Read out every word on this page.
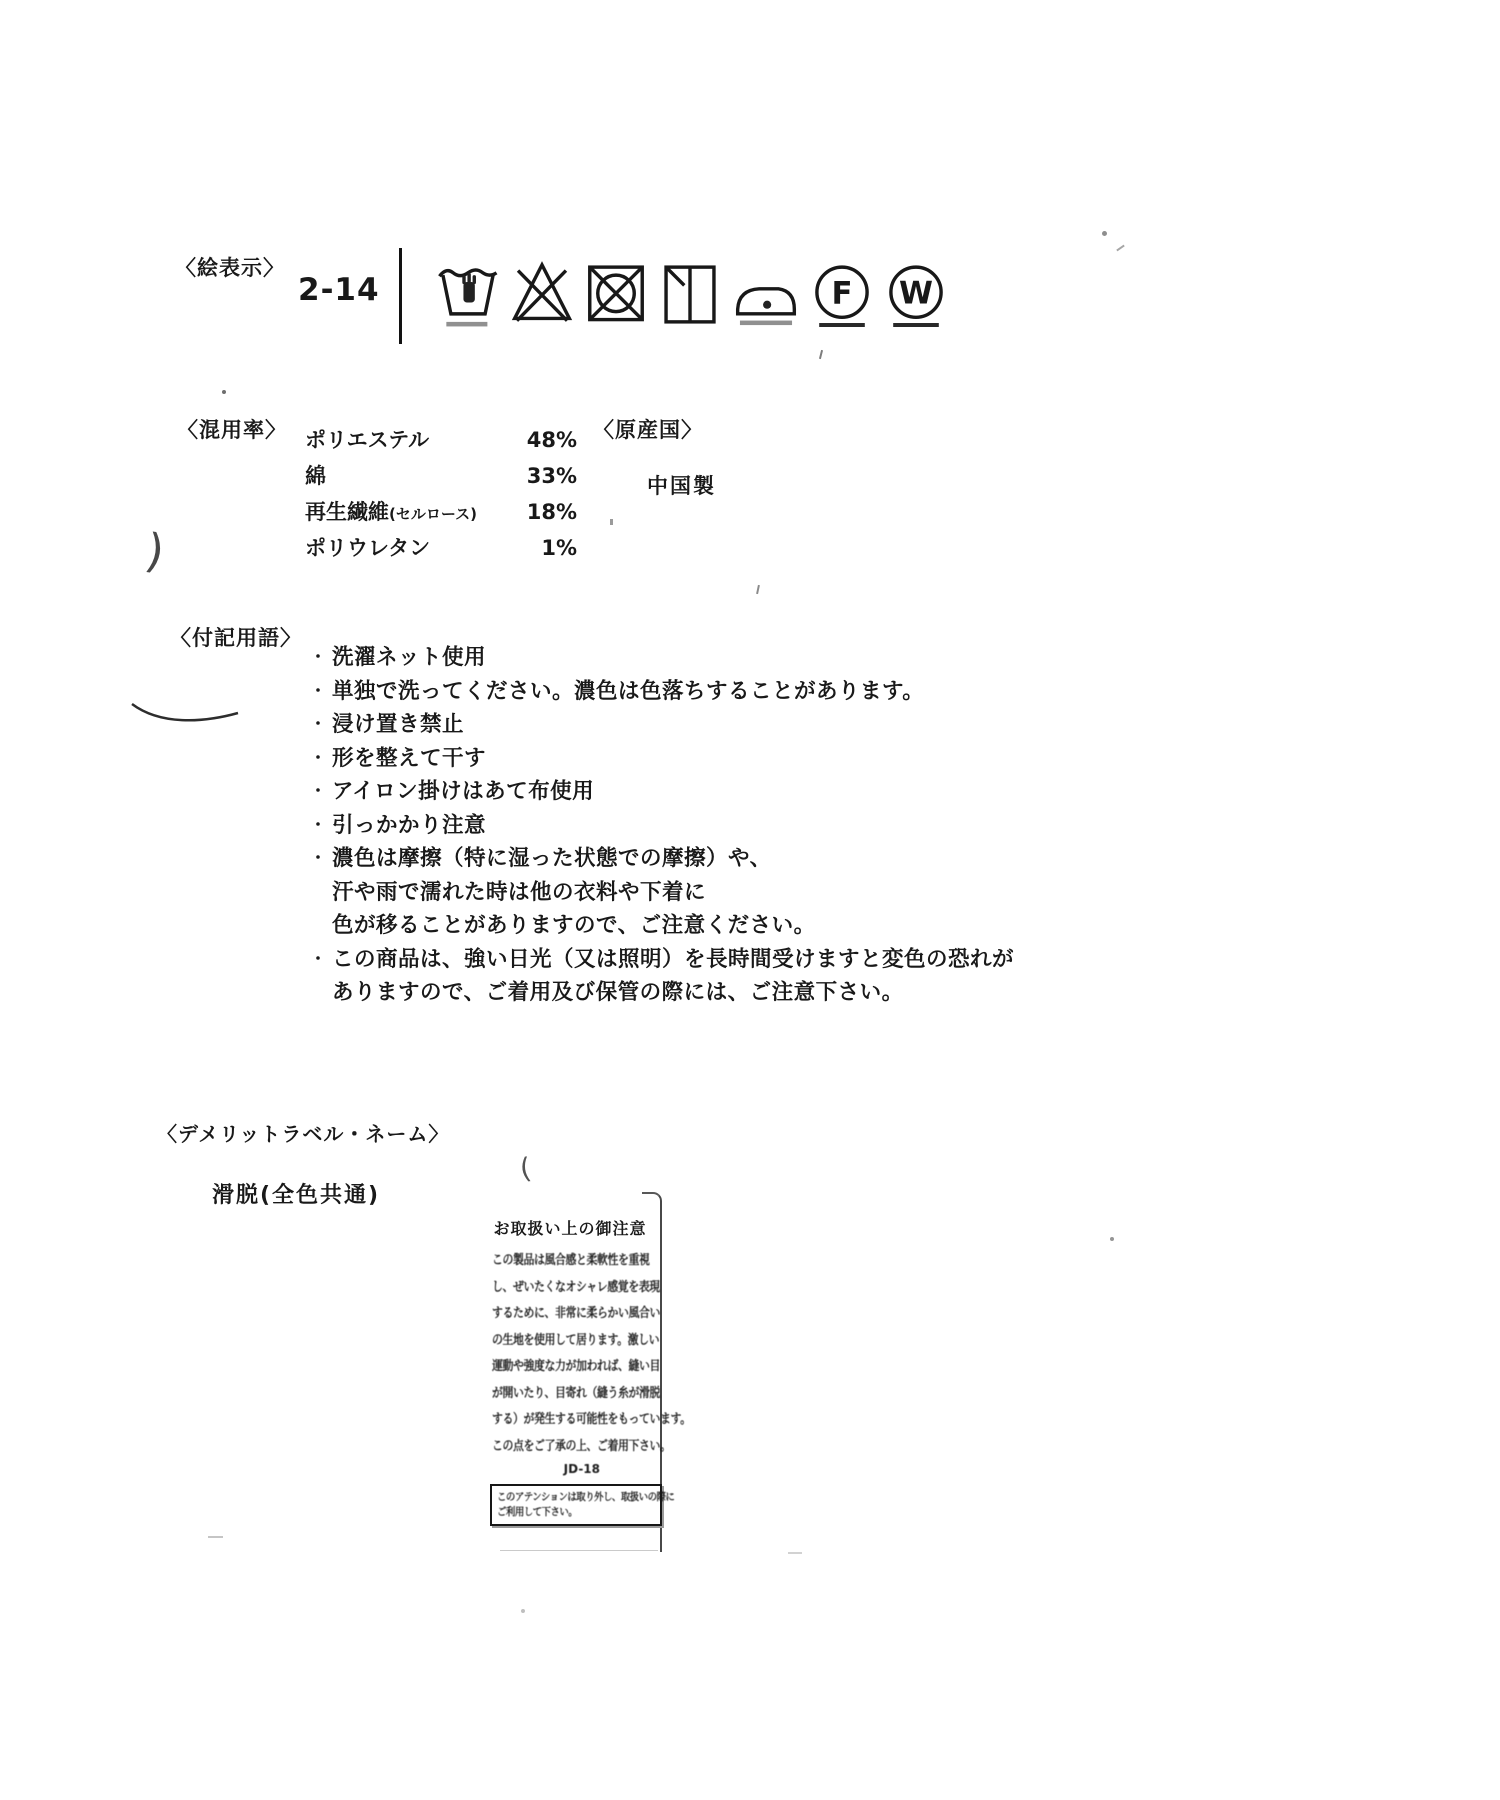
〈絵表示〉
2-14	F W
〈混用率〉 ポリエステル	48%
綿	33%
再生繊維 (セルロース) 18%
ポリウレタン	1%
〈原産国〉
中国製
)
〈付記用語〉
・ 洗濯ネット使用
・ 単独で洗ってください。濃色は色落ちすることがあります。
・ 浸け置き禁止
・ 形を整えて干す
・ アイロン掛けはあて布使用
・ 引っかかり注意
・ 濃色は摩擦（特に湿った状態での摩擦）や、
汗や雨で濡れた時は他の衣料や下着に
色が移ることがありますので、ご注意ください。
・ この商品は、強い日光（又は照明）を長時間受けますと変色の恐れが
ありますので、ご着用及び保管の際には、ご注意下さい。
〈デメリットラベル・ネーム〉
滑脱(全色共通)
(
お取扱い上の御注意
この製品は風合感と柔軟性を重視
し、ぜいたくなオシャレ感覚を表現
するために、非常に柔らかい風合い
の生地を使用して居ります。激しい
運動や強度な力が加われば、縫い目
が開いたり、目寄れ（縫う糸が滑脱
する）が発生する可能性をもっています。
この点をご了承の上、ご着用下さい。
JD-18
このアテンションは取り外し、取扱いの際に
ご利用して下さい。
